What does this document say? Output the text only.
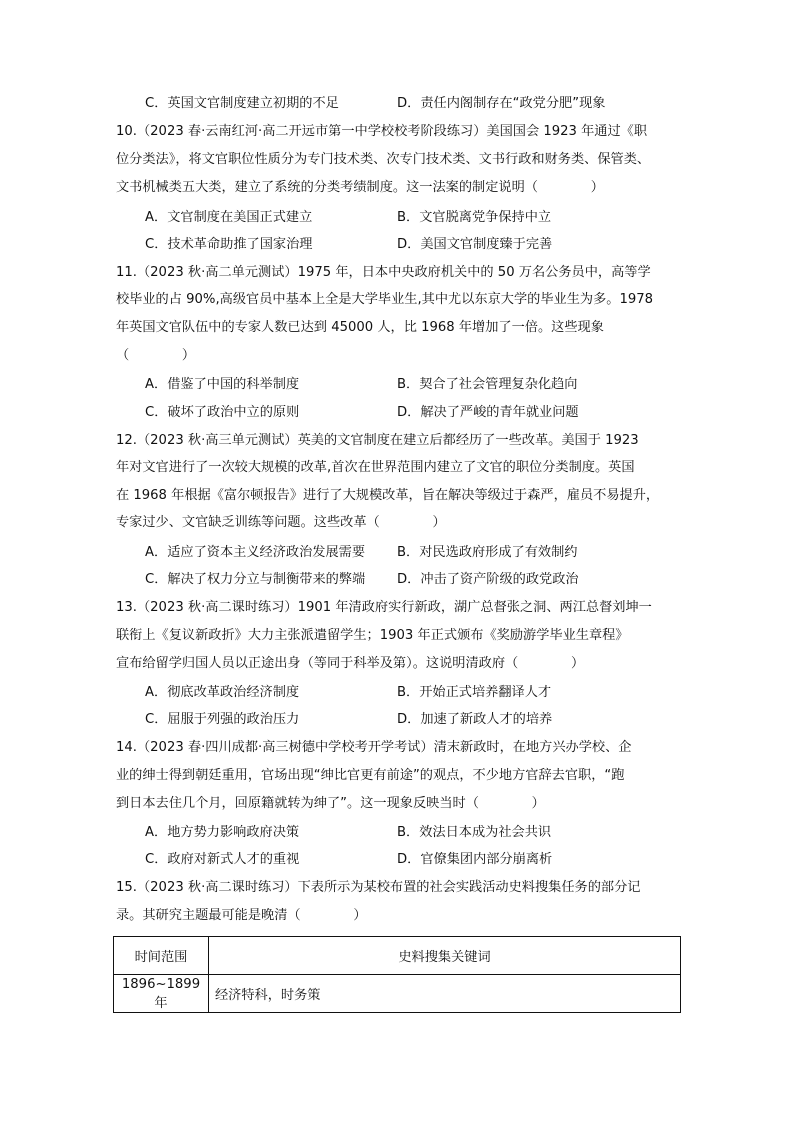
C．英国文官制度建立初期的不足	D．责任内阁制存在“政党分肥”现象
10.（2023 春·云南红河·高二开远市第一中学校校考阶段练习）美国国会 1923 年通过《职
位分类法》，将文官职位性质分为专门技术类、次专门技术类、文书行政和财务类、保管类、
文书机械类五大类，建立了系统的分类考绩制度。这一法案的制定说明（　　　　）
A．文官制度在美国正式建立	B．文官脱离党争保持中立
C．技术革命助推了国家治理	D．美国文官制度臻于完善
11.（2023 秋·高二单元测试）1975 年，日本中央政府机关中的 50 万名公务员中，高等学
校毕业的占 90%,高级官员中基本上全是大学毕业生,其中尤以东京大学的毕业生为多。1978
年英国文官队伍中的专家人数已达到 45000 人，比 1968 年增加了一倍。这些现象
（　　　　）
A．借鉴了中国的科举制度	B．契合了社会管理复杂化趋向
C．破坏了政治中立的原则	D．解决了严峻的青年就业问题
12.（2023 秋·高三单元测试）英美的文官制度在建立后都经历了一些改革。美国于 1923
年对文官进行了一次较大规模的改革,首次在世界范围内建立了文官的职位分类制度。英国
在 1968 年根据《富尔顿报告》进行了大规模改革，旨在解决等级过于森严，雇员不易提升，
专家过少、文官缺乏训练等问题。这些改革（　　　　）
A．适应了资本主义经济政治发展需要 B．对民选政府形成了有效制约
C．解决了权力分立与制衡带来的弊端 D．冲击了资产阶级的政党政治
13.（2023 秋·高二课时练习）1901 年清政府实行新政，湖广总督张之洞、两江总督刘坤一
联衔上《复议新政折》大力主张派遣留学生；1903 年正式颁布《奖励游学毕业生章程》
宣布给留学归国人员以正途出身（等同于科举及第）。这说明清政府（　　　　）
A．彻底改革政治经济制度	B．开始正式培养翻译人才
C．屈服于列强的政治压力	D．加速了新政人才的培养
14.（2023 春·四川成都·高三树德中学校考开学考试）清末新政时，在地方兴办学校、企
业的绅士得到朝廷重用，官场出现“绅比官更有前途”的观点，不少地方官辞去官职，“跑
到日本去住几个月，回原籍就转为绅了”。这一现象反映当时（　　　　）
A．地方势力影响政府决策	B．效法日本成为社会共识
C．政府对新式人才的重视	D．官僚集团内部分崩离析
15.（2023 秋·高二课时练习）下表所示为某校布置的社会实践活动史料搜集任务的部分记
录。其研究主题最可能是晚清（　　　　）
时间范围	史料搜集关键词
1896~1899 年	经济特科，时务策
